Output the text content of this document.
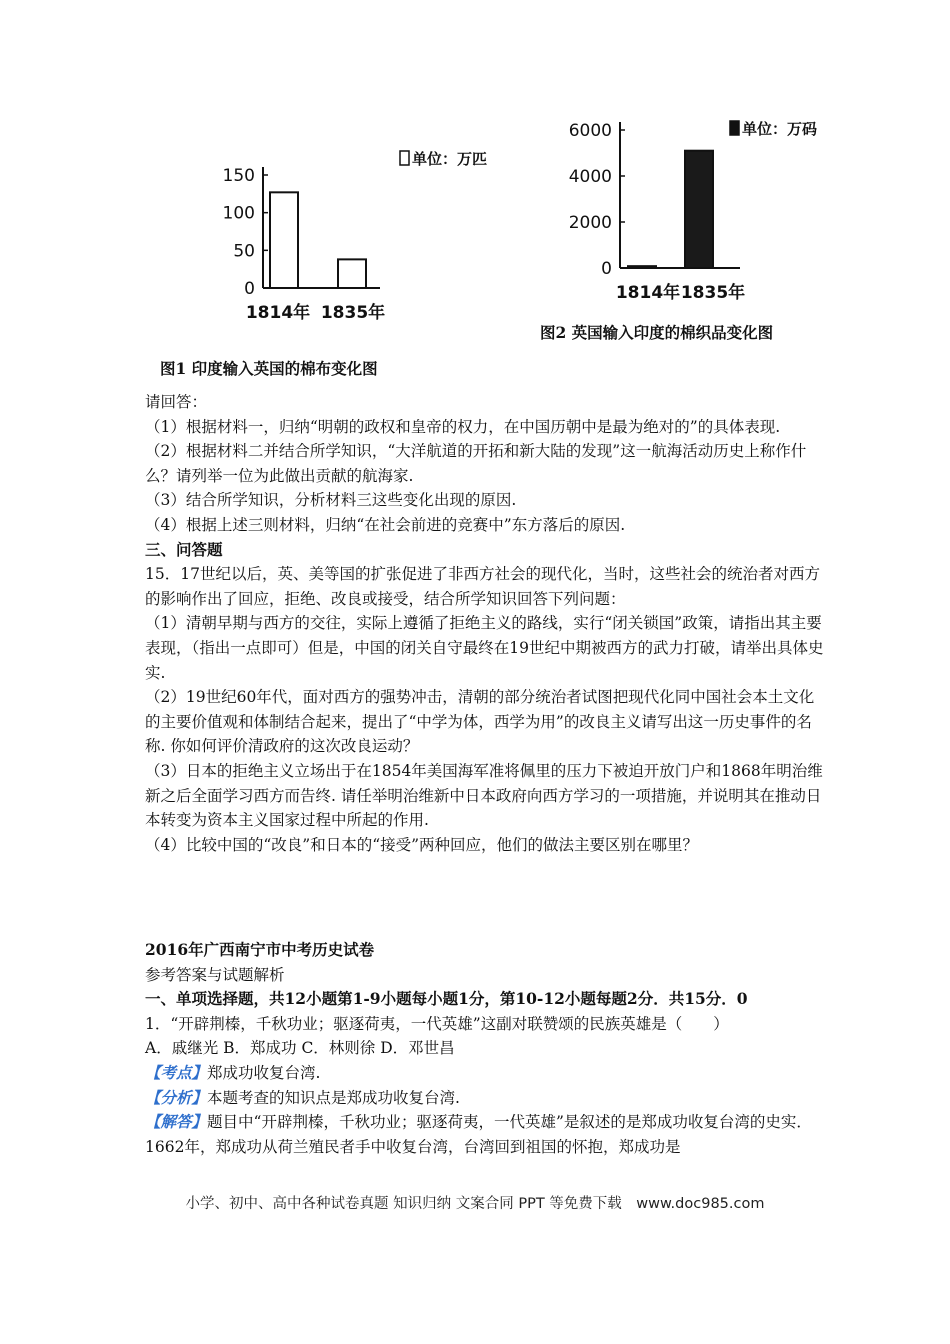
150
100
50
0
1814年 1835年
单位：万匹
图1 印度输入英国的棉布变化图
6000
4000
2000
0
1814年 1835年
单位：万码
图2 英国输入印度的棉织品变化图

请回答：

（1）根据材料一，归纳“明朝的政权和皇帝的权力，在中国历朝中是最为绝对的”的具体表现.

（2）根据材料二并结合所学知识，“大洋航道的开拓和新大陆的发现”这一航海活动历史上称作什么？请列举一位为此做出贡献的航海家.

（3）结合所学知识，分析材料三这些变化出现的原因.

（4）根据上述三则材料，归纳“在社会前进的竞赛中”东方落后的原因.

三、问答题

15．17世纪以后，英、美等国的扩张促进了非西方社会的现代化，当时，这些社会的统治者对西方的影响作出了回应，拒绝、改良或接受，结合所学知识回答下列问题：

（1）清朝早期与西方的交往，实际上遵循了拒绝主义的路线，实行“闭关锁国”政策，请指出其主要表现，（指出一点即可）但是，中国的闭关自守最终在19世纪中期被西方的武力打破，请举出具体史实.

（2）19世纪60年代，面对西方的强势冲击，清朝的部分统治者试图把现代化同中国社会本土文化的主要价值观和体制结合起来，提出了“中学为体，西学为用”的改良主义请写出这一历史事件的名称. 你如何评价清政府的这次改良运动？

（3）日本的拒绝主义立场出于在1854年美国海军准将佩里的压力下被迫开放门户和1868年明治维新之后全面学习西方而告终. 请任举明治维新中日本政府向西方学习的一项措施，并说明其在推动日本转变为资本主义国家过程中所起的作用.

（4）比较中国的“改良”和日本的“接受”两种回应，他们的做法主要区别在哪里？

2016年广西南宁市中考历史试卷

参考答案与试题解析

一、单项选择题，共12小题第1-9小题每小题1分，第10-12小题每题2分．共15分．0

1．“开辟荆榛，千秋功业；驱逐荷夷，一代英雄”这副对联赞颂的民族英雄是（　　）

A．戚继光 B．郑成功 C．林则徐 D．邓世昌

【考点】郑成功收复台湾.

【分析】本题考查的知识点是郑成功收复台湾.

【解答】题目中“开辟荆榛，千秋功业；驱逐荷夷，一代英雄”是叙述的是郑成功收复台湾的史实．1662年，郑成功从荷兰殖民者手中收复台湾，台湾回到祖国的怀抱，郑成功是

小学、初中、高中各种试卷真题 知识归纳 文案合同 PPT 等免费下载　www.doc985.com
